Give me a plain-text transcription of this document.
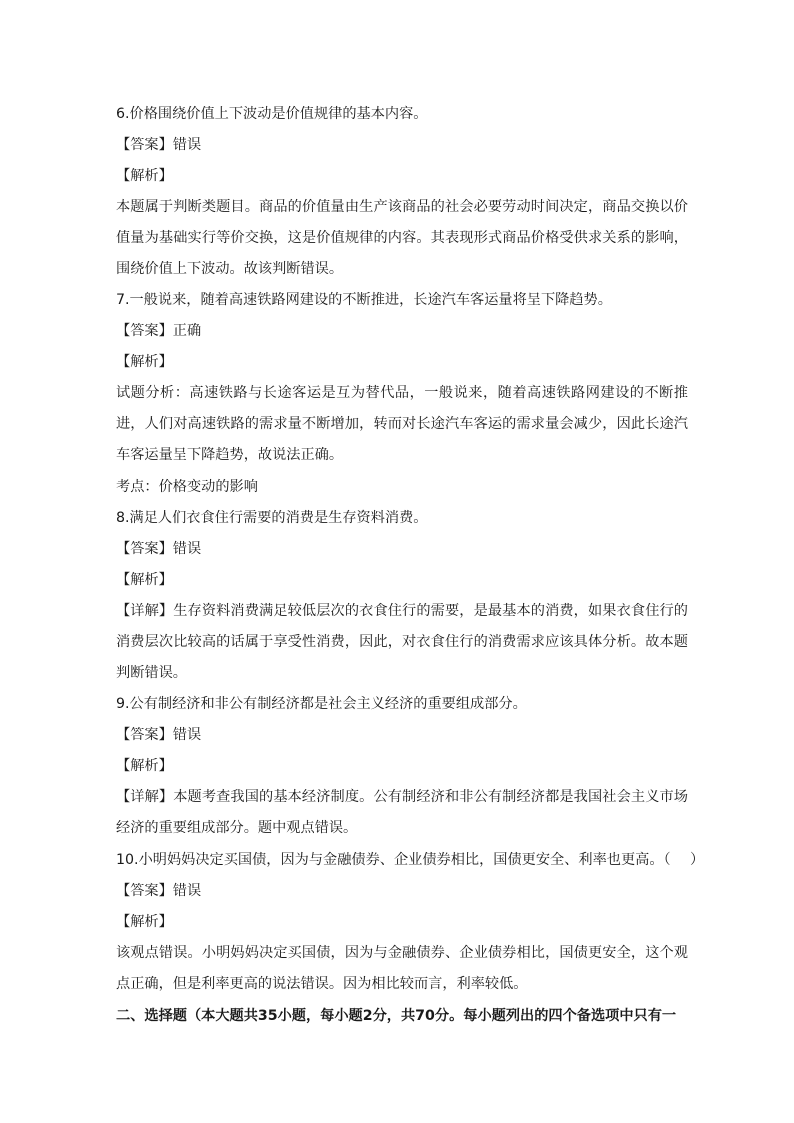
6.价格围绕价值上下波动是价值规律的基本内容。
【答案】错误
【解析】
本题属于判断类题目。商品的价值量由生产该商品的社会必要劳动时间决定，商品交换以价值量为基础实行等价交换，这是价值规律的内容。其表现形式商品价格受供求关系的影响，围绕价值上下波动。故该判断错误。
7.一般说来，随着高速铁路网建设的不断推进，长途汽车客运量将呈下降趋势。
【答案】正确
【解析】
试题分析：高速铁路与长途客运是互为替代品，一般说来，随着高速铁路网建设的不断推进，人们对高速铁路的需求量不断增加，转而对长途汽车客运的需求量会减少，因此长途汽车客运量呈下降趋势，故说法正确。
考点：价格变动的影响
8.满足人们衣食住行需要的消费是生存资料消费。
【答案】错误
【解析】
【详解】生存资料消费满足较低层次的衣食住行的需要，是最基本的消费，如果衣食住行的消费层次比较高的话属于享受性消费，因此，对衣食住行的消费需求应该具体分析。故本题判断错误。
9.公有制经济和非公有制经济都是社会主义经济的重要组成部分。
【答案】错误
【解析】
【详解】本题考查我国的基本经济制度。公有制经济和非公有制经济都是我国社会主义市场经济的重要组成部分。题中观点错误。
10.小明妈妈决定买国债，因为与金融债券、企业债券相比，国债更安全、利率也更高。（ ）
【答案】错误
【解析】
该观点错误。小明妈妈决定买国债，因为与金融债券、企业债券相比，国债更安全，这个观点正确，但是利率更高的说法错误。因为相比较而言，利率较低。
二、选择题（本大题共35小题，每小题2分，共70分。每小题列出的四个备选项中只有一
